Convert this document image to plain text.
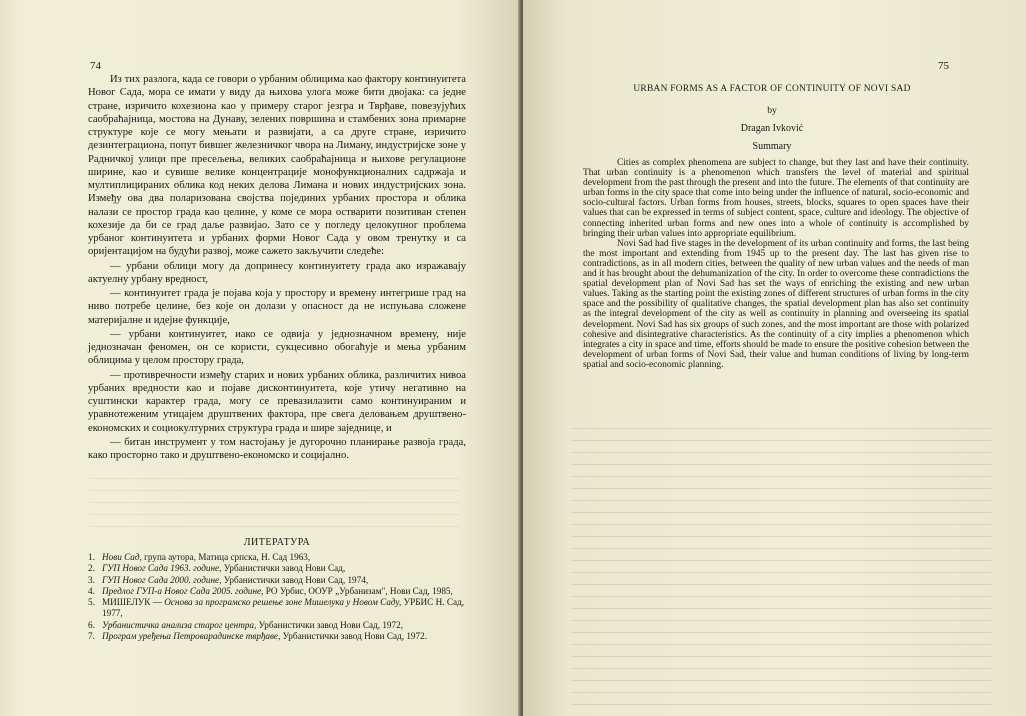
74

Из тих разлога, када се говори о урбаним облицима као фактору континуитета Новог Сада, мора се имати у виду да њихова улога може бити двојака: са једне стране, изричито кохезиона као у примеру старог језгра и Тврђаве, повезујућих саобраћајница, мостова на Дунаву, зелених површина и стамбених зона примарне структуре које се могу мењати и развијати, а са друге стране, изричито дезинтеграциона, попут бившег железничког чвора на Лиману, индустријске зоне у Радничкој улици пре пресељења, великих саобраћајница и њихове регулационе ширине, као и сувише велике концентрације монофункционалних садржаја и мултиплицираних облика код неких делова Лимана и нових индустријских зона. Између ова два поларизована својства појединих урбаних простора и облика налази се простор града као целине, у коме се мора остварити позитиван степен кохезије да би се град даље развијао. Зато се у погледу целокупног проблема урбаног континуитета и урбаних форми Новог Сада у овом тренутку и са оријентацијом на будући развој, може сажето закључити следеће:

— урбани облици могу да допринесу континуитету града ако изражавају актуелну урбану вредност,

— континуитет града је појава која у простору и времену интегрише град на ниво потребе целине, без које он долази у опасност да не испуњава сложене материјалне и идејне функције,

— урбани континуитет, иако се одвија у једнозначном времену, није једнозначан феномен, он се користи, сукцесивно обогаћује и мења урбаним облицима у целом простору града,

— противречности између старих и нових урбаних облика, различитих нивоа урбаних вредности као и појаве дисконтинуитета, које утичу негативно на суштински карактер града, могу се превазилазити само континуираним и уравнотеженим утицајем друштвених фактора, пре свега деловањем друштвено-економских и социокултурних структура града и шире заједнице, и

— битан инструмент у том настојању је дугорочно планирање развоја града, како просторно тако и друштвено-економско и социјално.

ЛИТЕРАТУРА
1. Нови Сад, група аутора, Матица српска, Н. Сад 1963,
2. ГУП Новог Сада 1963. године, Урбанистички завод Нови Сад,
3. ГУП Новог Сада 2000. године, Урбанистички завод Нови Сад, 1974,
4. Предлог ГУП-а Новог Сада 2005. године, РО Урбис, ООУР „Урбанизам", Нови Сад, 1985,
5. МИШЕЛУК — Основа за програмско решење зоне Мишелука у Новом Саду, УРБИС Н. Сад, 1977,
6. Урбанистичка анализа старог центра, Урбанистички завод Нови Сад, 1972,
7. Програм уређења Петроварадинске тврђаве, Урбанистички завод Нови Сад, 1972.
75
URBAN FORMS AS A FACTOR OF CONTINUITY OF NOVI SAD
by
Dragan Ivković
Summary

Cities as complex phenomena are subject to change, but they last and have their continuity. That urban continuity is a phenomenon which transfers the level of material and spiritual development from the past through the present and into the future. The elements of that continuity are urban forms in the city space that come into being under the influence of natural, socio-economic and socio-cultural factors. Urban forms from houses, streets, blocks, squares to open spaces have their values that can be expressed in terms of subject content, space, culture and ideology. The objective of connecting inherited urban forms and new ones into a whole of continuity is accomplished by bringing their urban values into appropriate equilibrium.

Novi Sad had five stages in the development of its urban continuity and forms, the last being the most important and extending from 1945 up to the present day. The last has given rise to contradictions, as in all modern cities, between the quality of new urban values and the needs of man and it has brought about the dehumanization of the city. In order to overcome these contradictions the spatial development plan of Novi Sad has set the ways of enriching the existing and new urban values. Taking as the starting point the existing zones of different structures of urban forms in the city space and the possibility of qualitative changes, the spatial development plan has also set continuity as the integral development of the city as well as continuity in planning and overseeing its spatial development. Novi Sad has six groups of such zones, and the most important are those with polarized cohesive and disintegrative characteristics. As the continuity of a city implies a phenomenon which integrates a city in space and time, efforts should be made to ensure the positive cohesion between the development of urban forms of Novi Sad, their value and human conditions of living by long-term spatial and socio-economic planning.
